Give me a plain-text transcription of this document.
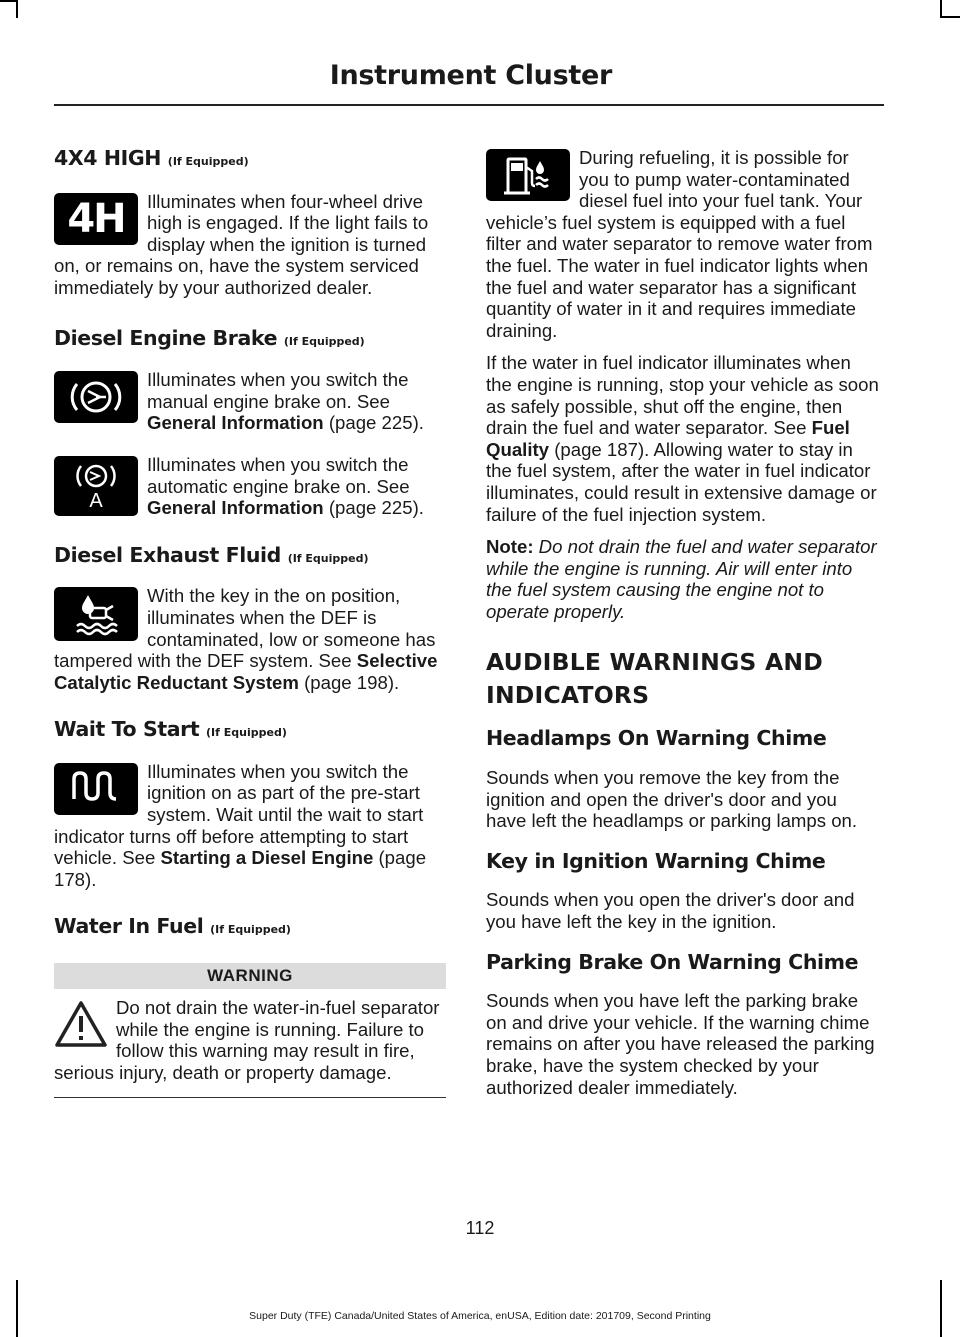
Instrument Cluster
4X4 HIGH (If Equipped)
4H	Illuminates when four-wheel drive high is engaged. If the light fails to display when the ignition is turned on, or remains on, have the system serviced immediately by your authorized dealer.

Diesel Engine Brake (If Equipped)

Illuminates when you switch the manual engine brake on. See General Information (page 225).

A

Illuminates when you switch the automatic engine brake on. See General Information (page 225).

Diesel Exhaust Fluid (If Equipped)

With the key in the on position, illuminates when the DEF is contaminated, low or someone has tampered with the DEF system. See Selective Catalytic Reductant System (page 198).

Wait To Start (If Equipped)

Illuminates when you switch the ignition on as part of the pre-start system. Wait until the wait to start indicator turns off before attempting to start vehicle. See Starting a Diesel Engine (page 178).

Water In Fuel (If Equipped)
WARNING

Do not drain the water-in-fuel separator while the engine is running. Failure to follow this warning may result in fire, serious injury, death or property damage.

During refueling, it is possible for you to pump water-contaminated diesel fuel into your fuel tank. Your vehicle’s fuel system is equipped with a fuel filter and water separator to remove water from the fuel. The water in fuel indicator lights when the fuel and water separator has a significant quantity of water in it and requires immediate draining.

If the water in fuel indicator illuminates when the engine is running, stop your vehicle as soon as safely possible, shut off the engine, then drain the fuel and water separator. See Fuel Quality (page 187). Allowing water to stay in the fuel system, after the water in fuel indicator illuminates, could result in extensive damage or failure of the fuel injection system.

Note: Do not drain the fuel and water separator while the engine is running. Air will enter into the fuel system causing the engine not to operate properly.

AUDIBLE WARNINGS AND INDICATORS
Headlamps On Warning Chime

Sounds when you remove the key from the ignition and open the driver's door and you have left the headlamps or parking lamps on.

Key in Ignition Warning Chime

Sounds when you open the driver's door and you have left the key in the ignition.

Parking Brake On Warning Chime

Sounds when you have left the parking brake on and drive your vehicle. If the warning chime remains on after you have released the parking brake, have the system checked by your authorized dealer immediately.

112
Super Duty (TFE) Canada/United States of America, enUSA, Edition date: 201709, Second Printing
